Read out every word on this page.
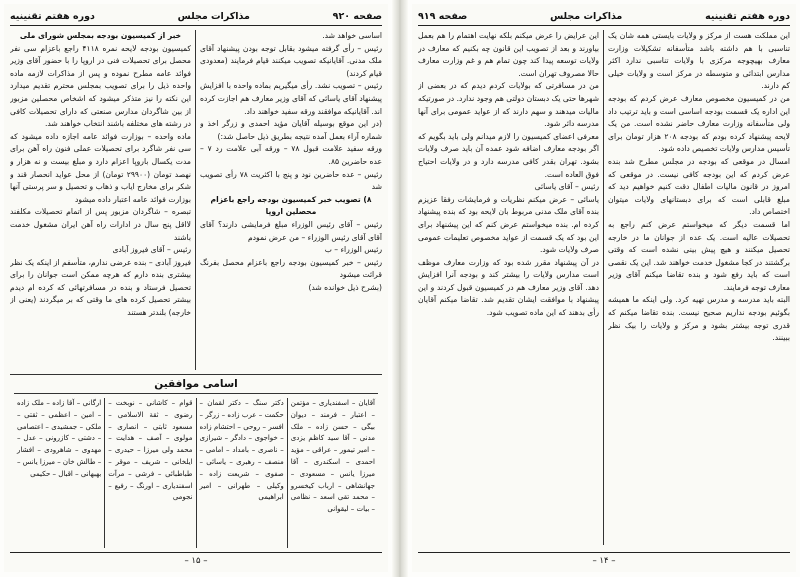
صفحه ۹۲۰
مذاکرات مجلس
دوره هفتم تقنينيه

اساسی خواهد شد.

رئیس – رأی گرفته میشود بقابل توجه بودن پیشنهاد آقای ملک مدنی. آقایانیکه تصویب میکنند قیام فرمایند (معدودی قیام کردند)

رئیس – تصویب نشد. رأی میگیریم بماده واحده با افزایش پیشنهاد آقای یاسائی که آقای وزیر معارف هم اجازت کرده اند. آقایانیکه موافقند ورقه سفید خواهند داد.

(در این موقع بوسیله آقایان مؤید احمدی و زرگر اخذ و شماره آراء بعمل آمده نتیجه بطریق ذیل حاصل شد:)

ورقه سفید علامت قبول ۷۸ – ورقه آبی علامت رد ۷ – عده حاضرین ۸۵.

رئیس – عده حاضرین نود و پنج با اکثریت ۷۸ رأی تصویب شد

۸) تصویب خبر کمیسیون بودجه راجع باعزام محصلین اروپا

رئیس – آقای رئیس الوزراء مبلغ فرمایشی دارند؟ آقای آقای آقای رئیس الوزراء – من عرض نمودم

رئیس الوزراء – ب

رئیس – خبر کمیسیون بودجه راجع باعزام محصل بفرنگ قرائت میشود

(بشرح ذیل خوانده شد)

خبر از کمیسیون بودجه بمجلس شورای ملی

کمیسیون بودجه لایحه نمره ۴۱۱۸ راجع باعزام سی نفر محصل برای تحصیلات فنی در اروپا را با حضور آقای وزیر فوائد عامه مطرح نموده و پس از مذاکرات لازمه ماده واحده ذیل را برای تصویب بمجلس محترم تقدیم میدارد این نکته را نیز متذکر میشود که اشخاص محصلین مزبور از بین شاگردان مدارس صنعتی که دارای تحصیلات کافی در رشته های مختلفه باشند انتخاب خواهند شد.

ماده واحده – بوزارت فوائد عامه اجازه داده میشود که سی نفر شاگرد برای تحصیلات عملی فنون راه آهن برای مدت یکسال باروپا اعزام دارد و مبلغ بیست و نه هزار و نهصد تومان (۲۹۹۰۰ تومان) از محل عواید انحصار قند و شکر برای مخارج ایاب و ذهاب و تحصیل و سر پرستی آنها بوزارت فوائد عامه اعتبار داده میشود

تبصره – شاگردان مزبور پس از اتمام تحصیلات مکلفند لااقل پنج سال در ادارات راه آهن ایران مشغول خدمت باشند

رئیس – آقای فیروز آبادی

فیروز آبادی – بنده عرضی ندارم، متأسفم از اینکه یک نظر بیشتری بنده دارم که هرچه ممکن است جوانان را برای تحصیل فرستاد و بنده در مسافرتهائی که کرده ام دیدم بیشتر تحصیل کرده های ما وقتی که بر میگردند (یعنی از خارجه) بلندتر هستند

اسامی موافقین
آقایان – اسفندیاری – مؤتمن – اعتبار – فرمند – دیوان بیگی – حسن زاده – ملک مدنی – آقا سید کاظم یزدی – امیر تیمور – عراقی – مؤید احمدی – اسکندری – آقا میرزا یانس – مسعودی – جهانشاهی – ارباب کیخسرو – محمد تقی اسعد – نظامی – بیات – لیقوانی
دکتر سنگ – دکتر لقمان – حکمت – عرب زاده – زرگر – افسر – روحی – احتشام زاده – خواجوی – دادگر – شیرازی – ناصری – بامداد – امامی – منصف – رهبری – یاسائی – صفوی – شریعت زاده – وکیلی – طهرانی – امیر ابراهیمی
قوام – کاشانی – نوبخت – رضوی – ثقة الاسلامی – مسعود ثابتی – انصاری – مولوی – آصف – هدایت – محمد ولی میرزا – حیدری – ایلخانی – شریف – موقر – طباطبائی – فرشی – مرآت اسفندیاری – اورنگ – رفیع – نجومی
ارگانی – آقا زاده – ملک زاده – امین – اعظمی – ثقتی – ملکی – جمشیدی – اعتصامی – دشتی – کازرونی – عدل – مهدوی – شاهرودی – افشار – طالش خان – میرزا یانس – بهبهانی – اقبال – حکیمی
– ۱۵ –
دوره هفتم تقنینیه
مذاکرات مجلس
صفحه ۹۱۹

این مملکت هست از مرکز و ولایات بایستی همه شان یک تناسبی با هم داشته باشد متأسفانه تشکیلات وزارت معارف بهیچوجه مرکزی با ولایات تناسبی ندارد اکثر مدارس ابتدائی و متوسطه در مرکز است و ولایات خیلی کم دارند.

من در کمیسیون مخصوص معارف عرض کردم که بودجه این اداره یک قسمت بودجه اساسی است و باید ترتیب داد ولی متأسفانه وزارت معارف حاضر نشده است. من یک لایحه پیشنهاد کرده بودم که بودجه ۲۰۸ هزار تومان برای تأسیس مدارس ولایات تخصیص داده شود.

امسال در موقعی که بودجه در مجلس مطرح شد بنده عرض کردم که این بودجه کافی نیست. در موقعی که امروز در قانون مالیات اطفال دقت کنیم خواهیم دید که مبلغ قابلی است که برای دبستانهای ولایات میتوان اختصاص داد.

اما قسمت دیگر که میخواستم عرض کنم راجع به تحصیلات عالیه است. یک عده از جوانان ما در خارجه تحصیل میکنند و هیچ پیش بینی نشده است که وقتی برگشتند در کجا مشغول خدمت خواهند شد. این یک نقصی است که باید رفع شود و بنده تقاضا میکنم آقای وزیر معارف توجه فرمایند.

البته باید مدرسه و مدرس تهیه کرد. ولی اینکه ما همیشه بگوئیم بودجه نداریم صحیح نیست. بنده تقاضا میکنم که قدری توجه بیشتر بشود و مرکز و ولایات را بیک نظر ببینند.

این عرایض را عرض میکنم بلکه نهایت اهتمام را هم بعمل بیاورند و بعد از تصویب این قانون چه بکنیم که معارف در ولایات توسعه پیدا کند چون تمام هم و غم وزارت معارف حالا مصروف تهران است.

من در مسافرتی که بولایات کردم دیدم که در بعضی از شهرها حتی یک دبستان دولتی هم وجود ندارد. در صورتیکه مالیات میدهند و سهم دارند که از عواید عمومی برای آنها مدرسه دائر شود.

معرفی اعضای کمیسیون را لازم میدانم ولی باید بگویم که اگر بودجه معارف اضافه شود عمده آن باید صرف ولایات بشود. تهران بقدر کافی مدرسه دارد و در ولایات احتیاج فوق العاده است.

رئیس – آقای یاسائی

یاسائی – عرض میکنم نظریات و فرمایشات رفقا عزیزم بنده آقای ملک مدنی مربوط بان لایحه بود که بنده پیشنهاد کرده ام. بنده میخواستم عرض کنم که این پیشنهاد برای این بود که یک قسمت از عواید مخصوص تعلیمات عمومی صرف ولایات شود.

در آن پیشنهاد مقرر شده بود که وزارت معارف موظف است مدارس ولایات را بیشتر کند و بودجه آنرا افزایش دهد. آقای وزیر معارف هم در کمیسیون قبول کردند و این پیشنهاد با موافقت ایشان تقدیم شد. تقاضا میکنم آقایان رأی بدهند که این ماده تصویب شود.

– ۱۴ –
